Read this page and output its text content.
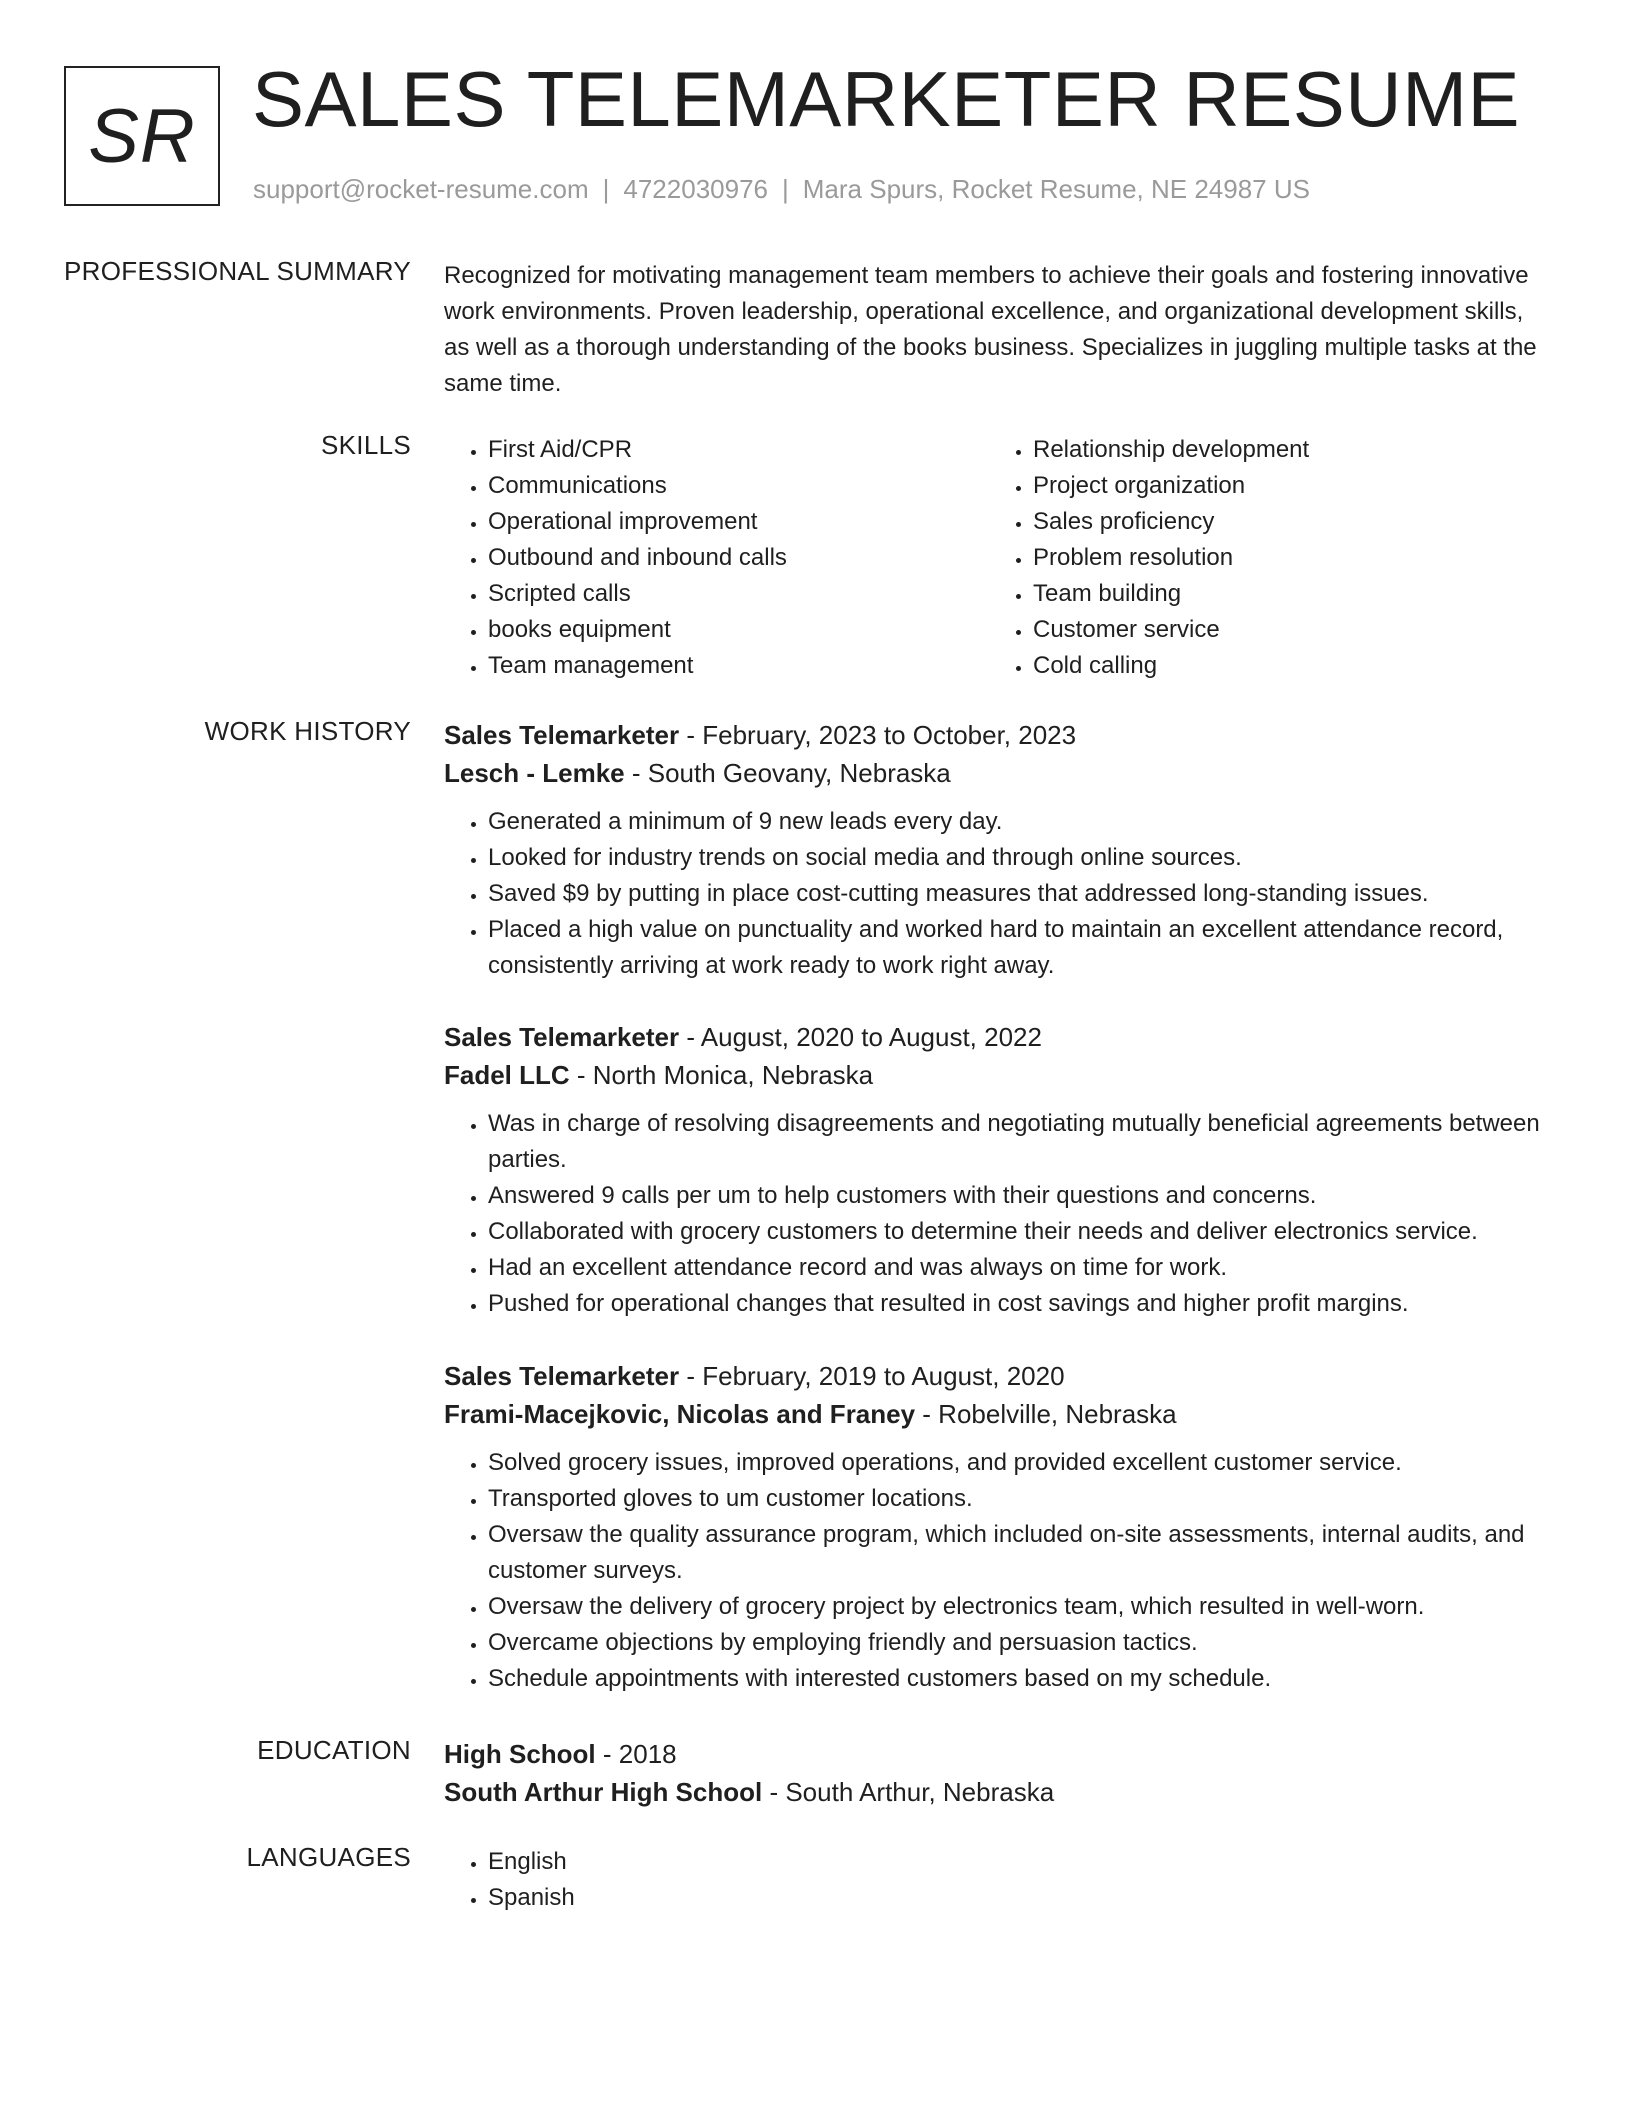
SR SALES TELEMARKETER RESUME
support@rocket-resume.com | 4722030976 | Mara Spurs, Rocket Resume, NE 24987 US
PROFESSIONAL SUMMARY Recognized for motivating management team members to achieve their goals and fostering innovative work environments. Proven leadership, operational excellence, and organizational development skills, as well as a thorough understanding of the books business. Specializes in juggling multiple tasks at the same time.

SKILLS	• First Aid/CPR
• Communications
• Operational improvement
• Outbound and inbound calls
• Scripted calls
• books equipment
• Team management
• Relationship development
• Project organization
• Sales proficiency
• Problem resolution
• Team building
• Customer service
• Cold calling
WORK HISTORY Sales Telemarketer - February, 2023 to October, 2023
Lesch - Lemke - South Geovany, Nebraska
• Generated a minimum of 9 new leads every day.
• Looked for industry trends on social media and through online sources.
• Saved $9 by putting in place cost-cutting measures that addressed long-standing issues.
• Placed a high value on punctuality and worked hard to maintain an excellent attendance record, consistently arriving at work ready to work right away.
Sales Telemarketer - August, 2020 to August, 2022
Fadel LLC - North Monica, Nebraska
• Was in charge of resolving disagreements and negotiating mutually beneficial agreements between parties.
• Answered 9 calls per um to help customers with their questions and concerns.
• Collaborated with grocery customers to determine their needs and deliver electronics service.
• Had an excellent attendance record and was always on time for work.
• Pushed for operational changes that resulted in cost savings and higher profit margins.
Sales Telemarketer - February, 2019 to August, 2020
Frami-Macejkovic, Nicolas and Franey - Robelville, Nebraska
• Solved grocery issues, improved operations, and provided excellent customer service.
• Transported gloves to um customer locations.
• Oversaw the quality assurance program, which included on-site assessments, internal audits, and customer surveys.
• Oversaw the delivery of grocery project by electronics team, which resulted in well-worn.
• Overcame objections by employing friendly and persuasion tactics.
• Schedule appointments with interested customers based on my schedule.
EDUCATION High School - 2018
South Arthur High School - South Arthur, Nebraska
LANGUAGES	• English
• Spanish
